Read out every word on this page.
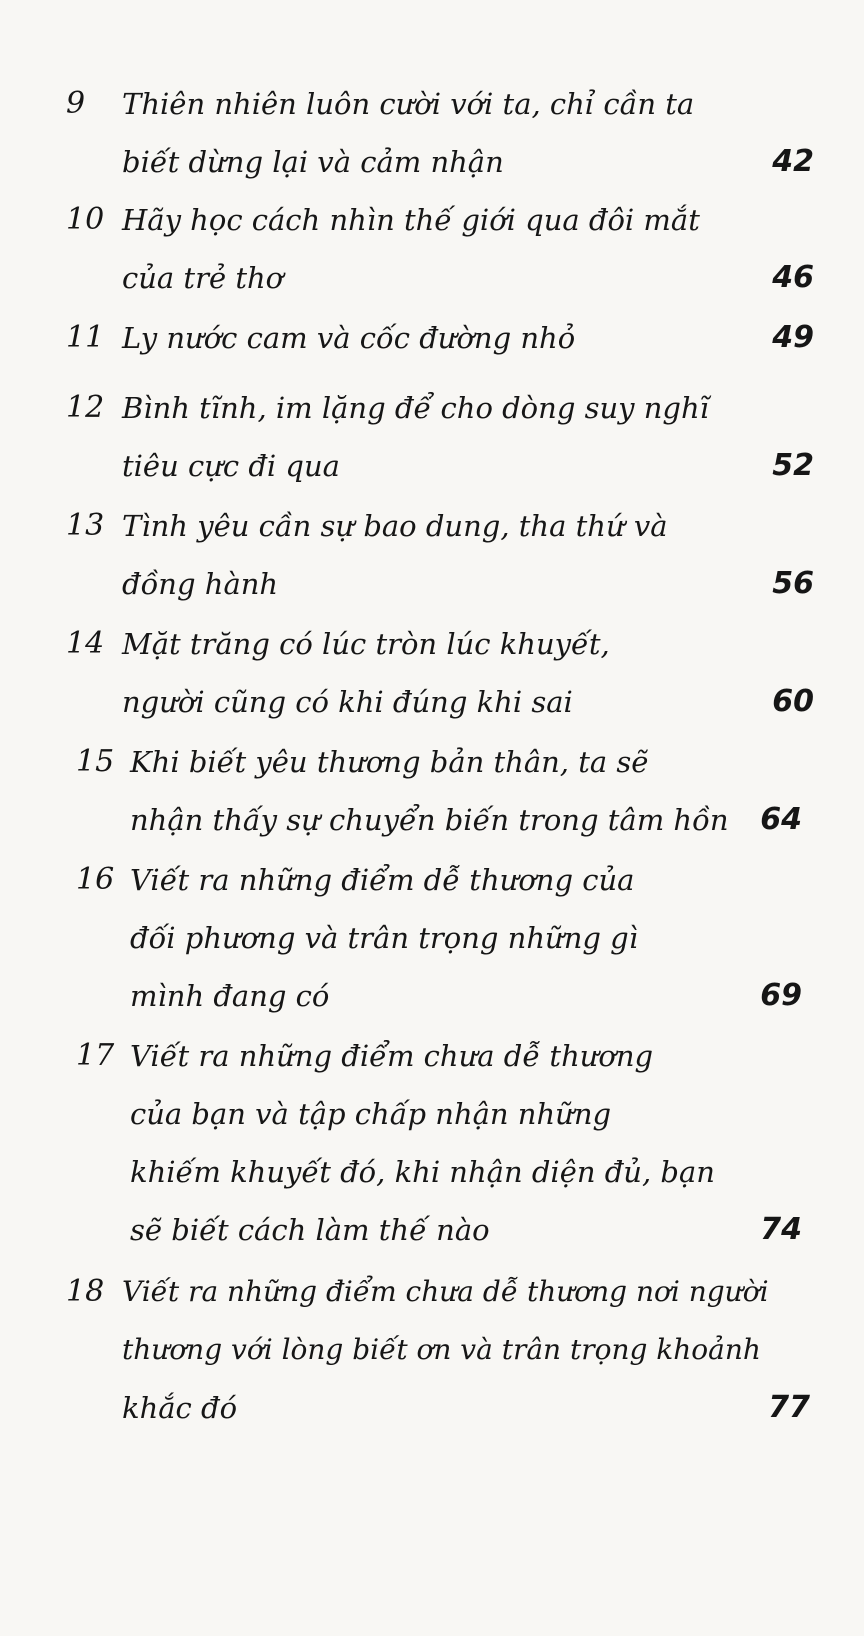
9 Thiên nhiên luôn cười với ta, chỉ cần ta
biết dừng lại và cảm nhận	42
10 Hãy học cách nhìn thế giới qua đôi mắt
của trẻ thơ	46
11 Ly nước cam và cốc đường nhỏ	49
12 Bình tĩnh, im lặng để cho dòng suy nghĩ
tiêu cực đi qua	52
13 Tình yêu cần sự bao dung, tha thứ và
đồng hành	56
14 Mặt trăng có lúc tròn lúc khuyết,
người cũng có khi đúng khi sai	60
15 Khi biết yêu thương bản thân, ta sẽ
nhận thấy sự chuyển biến trong tâm hồn 64
16 Viết ra những điểm dễ thương của
đối phương và trân trọng những gì
mình đang có	69
17 Viết ra những điểm chưa dễ thương
của bạn và tập chấp nhận những
khiếm khuyết đó, khi nhận diện đủ, bạn
sẽ biết cách làm thế nào	74
18 Viết ra những điểm chưa dễ thương nơi người
thương với lòng biết ơn và trân trọng khoảnh
khắc đó	77
